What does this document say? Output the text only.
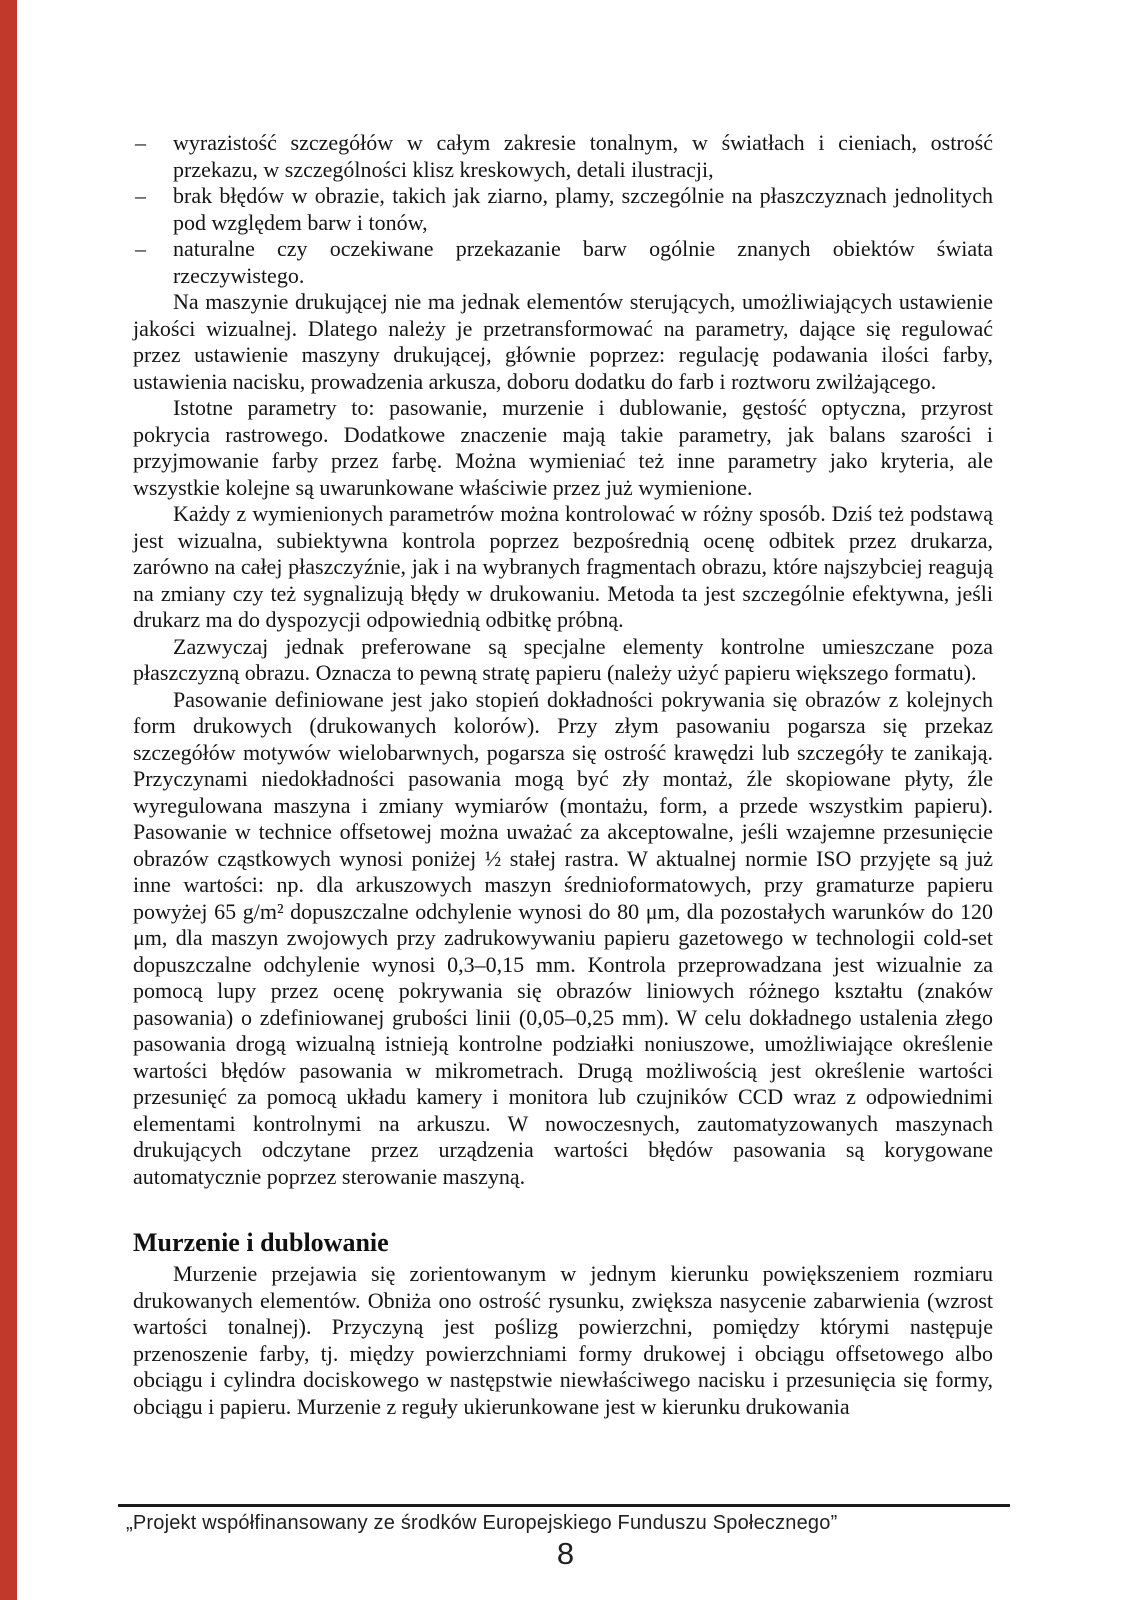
– wyrazistość szczegółów w całym zakresie tonalnym, w światłach i cieniach, ostrość przekazu, w szczególności klisz kreskowych, detali ilustracji,
– brak błędów w obrazie, takich jak ziarno, plamy, szczególnie na płaszczyznach jednolitych pod względem barw i tonów,
– naturalne czy oczekiwane przekazanie barw ogólnie znanych obiektów świata rzeczywistego.

Na maszynie drukującej nie ma jednak elementów sterujących, umożliwiających ustawienie jakości wizualnej. Dlatego należy je przetransformować na parametry, dające się regulować przez ustawienie maszyny drukującej, głównie poprzez: regulację podawania ilości farby, ustawienia nacisku, prowadzenia arkusza, doboru dodatku do farb i roztworu zwilżającego.

Istotne parametry to: pasowanie, murzenie i dublowanie, gęstość optyczna, przyrost pokrycia rastrowego. Dodatkowe znaczenie mają takie parametry, jak balans szarości i przyjmowanie farby przez farbę. Można wymieniać też inne parametry jako kryteria, ale wszystkie kolejne są uwarunkowane właściwie przez już wymienione.

Każdy z wymienionych parametrów można kontrolować w różny sposób. Dziś też podstawą jest wizualna, subiektywna kontrola poprzez bezpośrednią ocenę odbitek przez drukarza, zarówno na całej płaszczyźnie, jak i na wybranych fragmentach obrazu, które najszybciej reagują na zmiany czy też sygnalizują błędy w drukowaniu. Metoda ta jest szczególnie efektywna, jeśli drukarz ma do dyspozycji odpowiednią odbitkę próbną.

Zazwyczaj jednak preferowane są specjalne elementy kontrolne umieszczane poza płaszczyzną obrazu. Oznacza to pewną stratę papieru (należy użyć papieru większego formatu).

Pasowanie definiowane jest jako stopień dokładności pokrywania się obrazów z kolejnych form drukowych (drukowanych kolorów). Przy złym pasowaniu pogarsza się przekaz szczegółów motywów wielobarwnych, pogarsza się ostrość krawędzi lub szczegóły te zanikają. Przyczynami niedokładności pasowania mogą być zły montaż, źle skopiowane płyty, źle wyregulowana maszyna i zmiany wymiarów (montażu, form, a przede wszystkim papieru). Pasowanie w technice offsetowej można uważać za akceptowalne, jeśli wzajemne przesunięcie obrazów cząstkowych wynosi poniżej ½ stałej rastra. W aktualnej normie ISO przyjęte są już inne wartości: np. dla arkuszowych maszyn średnioformatowych, przy gramaturze papieru powyżej 65 g/m² dopuszczalne odchylenie wynosi do 80 μm, dla pozostałych warunków do 120 μm, dla maszyn zwojowych przy zadrukowywaniu papieru gazetowego w technologii cold-set dopuszczalne odchylenie wynosi 0,3–0,15 mm. Kontrola przeprowadzana jest wizualnie za pomocą lupy przez ocenę pokrywania się obrazów liniowych różnego kształtu (znaków pasowania) o zdefiniowanej grubości linii (0,05–0,25 mm). W celu dokładnego ustalenia złego pasowania drogą wizualną istnieją kontrolne podziałki noniuszowe, umożliwiające określenie wartości błędów pasowania w mikrometrach. Drugą możliwością jest określenie wartości przesunięć za pomocą układu kamery i monitora lub czujników CCD wraz z odpowiednimi elementami kontrolnymi na arkuszu. W nowoczesnych, zautomatyzowanych maszynach drukujących odczytane przez urządzenia wartości błędów pasowania są korygowane automatycznie poprzez sterowanie maszyną.

Murzenie i dublowanie

Murzenie przejawia się zorientowanym w jednym kierunku powiększeniem rozmiaru drukowanych elementów. Obniża ono ostrość rysunku, zwiększa nasycenie zabarwienia (wzrost wartości tonalnej). Przyczyną jest poślizg powierzchni, pomiędzy którymi następuje przenoszenie farby, tj. między powierzchniami formy drukowej i obciągu offsetowego albo obciągu i cylindra dociskowego w następstwie niewłaściwego nacisku i przesunięcia się formy, obciągu i papieru. Murzenie z reguły ukierunkowane jest w kierunku drukowania

„Projekt współfinansowany ze środków Europejskiego Funduszu Społecznego”
8
